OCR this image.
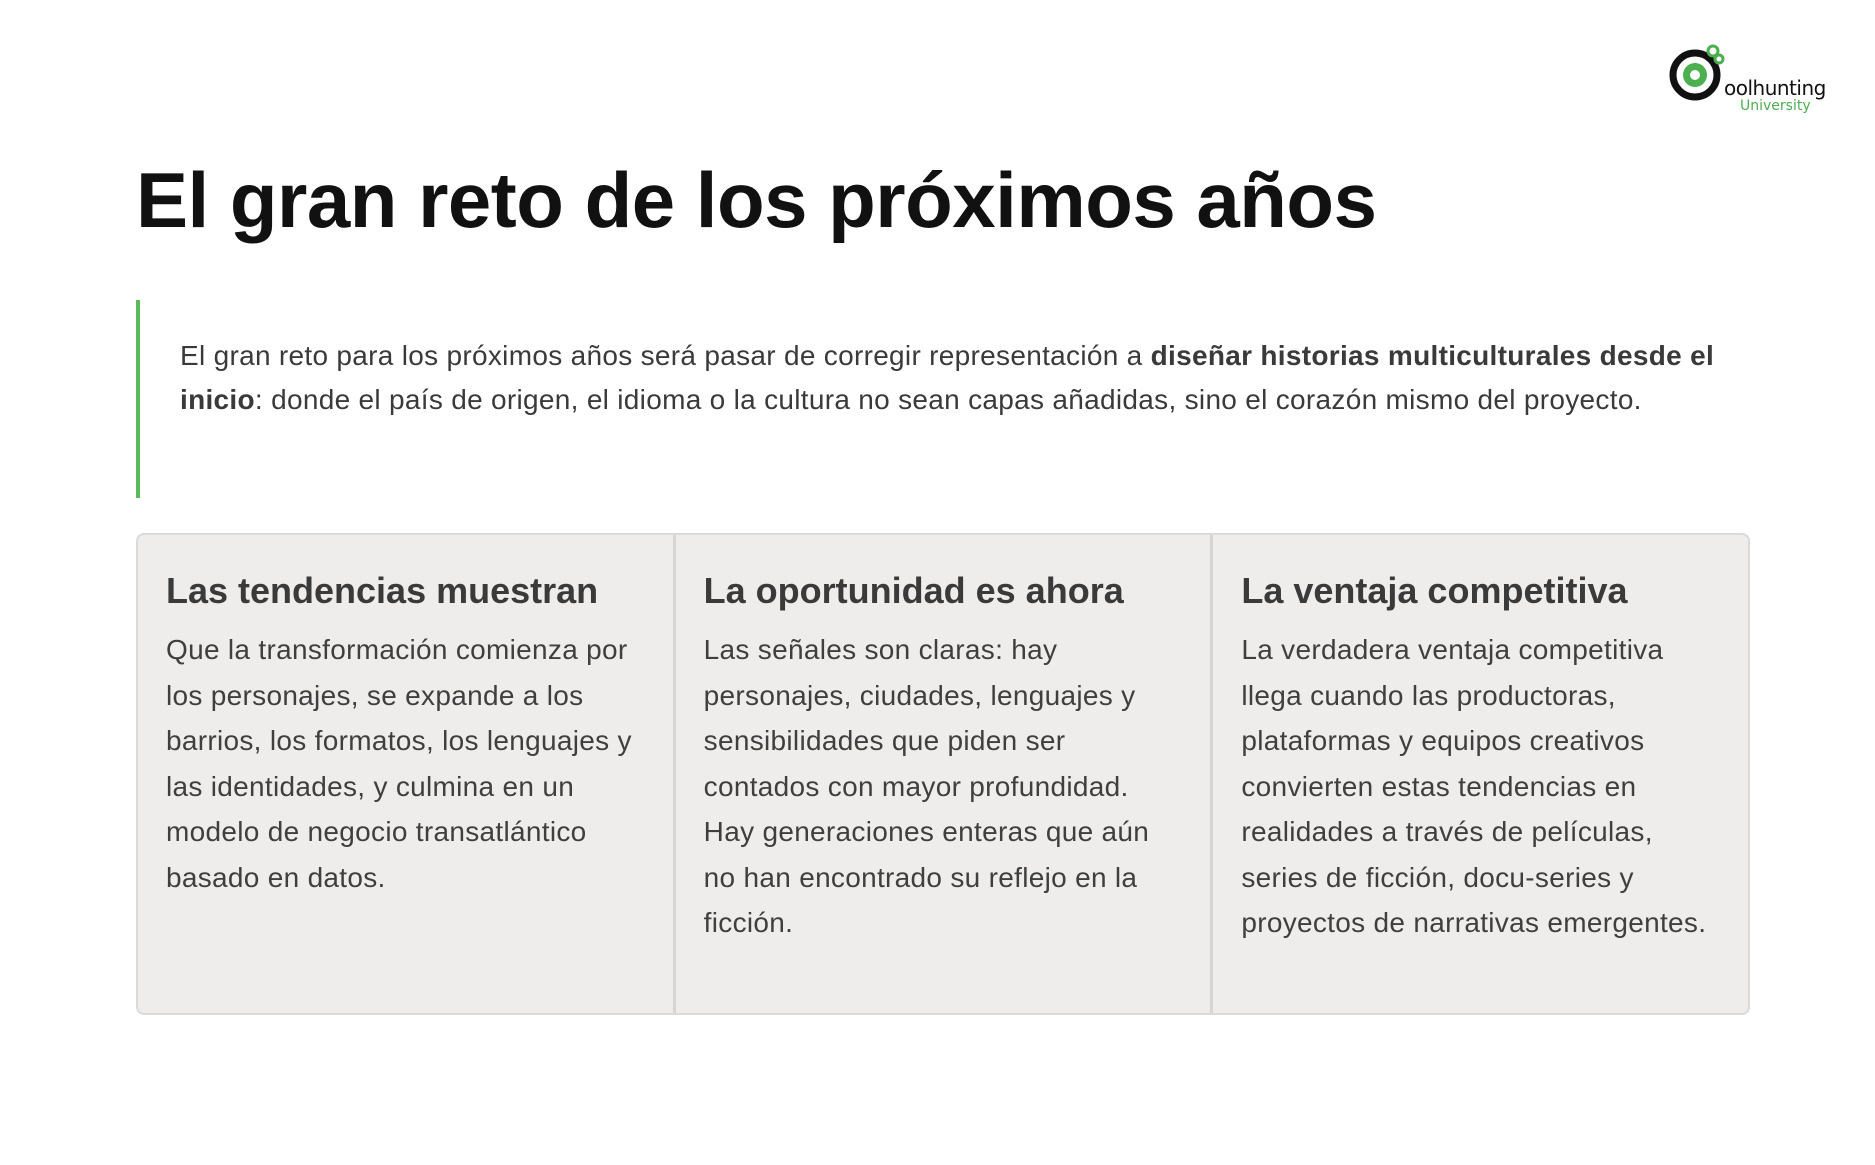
oolhunting
University
El gran reto de los próximos años

El gran reto para los próximos años será pasar de corregir representación a diseñar historias multiculturales desde el inicio: donde el país de origen, el idioma o la cultura no sean capas añadidas, sino el corazón mismo del proyecto.

Las tendencias muestran

Que la transformación comienza por los personajes, se expande a los barrios, los formatos, los lenguajes y las identidades, y culmina en un modelo de negocio transatlántico basado en datos.

La oportunidad es ahora

Las señales son claras: hay personajes, ciudades, lenguajes y sensibilidades que piden ser contados con mayor profundidad. Hay generaciones enteras que aún no han encontrado su reflejo en la ficción.

La ventaja competitiva

La verdadera ventaja competitiva llega cuando las productoras, plataformas y equipos creativos convierten estas tendencias en realidades a través de películas, series de ficción, docu-series y proyectos de narrativas emergentes.
